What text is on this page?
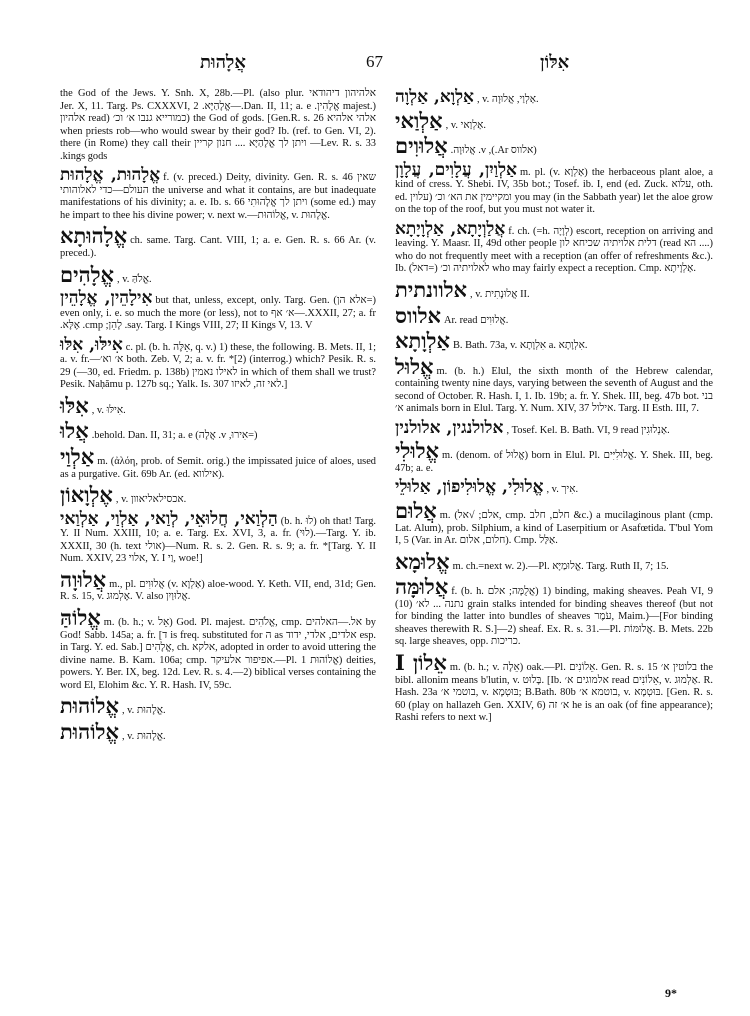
אֲלָהוּת	67	אִלּוֹן
אלהיהון דיהודאי the God of the Jews. Y. Snh. X, 28b.—Pl. (also plur. majest.) אֱלָהִין. Dan. II, 11; a. e.—אֱלָהַיָּא. Jer. X, 11. Targ. Ps. CXXXVI, 2 אלהי אלהיא the God of gods. [Gen.R. s. 26 (כמורייא גנבו א׳ וכ׳ (read אלהיון when priests rob—who would swear by their god? Ib. (ref. to Gen. VI, 2).—Lev. R. s. 33 ויתן לך אֱלָהַיָּא .... חנון קריין there (in Rome) they call their kings gods.
אֱלָהוּת, אֱלָהוּת f. (v. preced.) Deity, divinity. Gen. R. s. 46 שאין העולם—כדי לאלוהותי the universe and what it contains, are but inadequate manifestations of his divinity; a. e. Ib. s. 66 ויתן לך אֱלָהוּתִי (some ed.) may he impart to thee his divine power; v. next w.—אֱלוֹהוּת, v. אֱלָהוּת.
אֱלָהוּתָא ch. same. Targ. Cant. VIII, 1; a. e. Gen. R. s. 66 Ar. (v. preced.).
אֱלָהִים , v. אֱלֹהַּ.
אִילָהֵין, אֱלָהֵין (=אלא הן) but that, unless, except, only. Targ. Gen. XXXII, 27; a. fr.—א׳ אף even only, i. e. so much the more (or less), not to say. Targ. I Kings VIII, 27; II Kings V, 13. V. לָהֵן; cmp. אֶלָּא.
אִילּוּ, אִלּוּ c. pl. (b. h. אֵלֶּה, q. v.) 1) these, the following. B. Mets. II, 1; a. v. fr.—א׳ וא׳ both. Zeb. V, 2; a. v. fr. *[2) (interrog.) which? Pesik. R. s. 29 (—30, ed. Friedm. p. 138b) לאילו נאמין in which of them shall we trust? Pesik. Naḥămu p. 127b sq.; Yalk. Is. 307 לאי זה, לאיזו.]
אִלּוּ , v. אִילּוּ.
אֲלוּ (=אִירוּ, v. אֲלָה) behold. Dan. II, 31; a. e.
אַלְוַי m. (ἀλόη, prob. of Semit. orig.) the impissated juice of aloes, used as a purgative. Git. 69b Ar. (ed. אילווא).
אֶלְוָאוֹן , v. אכסילאליאוון.
הַלְוַאי, חֲלוּאֵי, לְוַאי, אַלְוַי, אַלְוַאי (b. h. לוּ) oh that! Targ. Y. II Num. XXIII, 10; a. e. Targ. Ex. XVI, 3, a. fr. (לוּי).—Targ. Y. ib. XXXII, 30 (h. text אולי)—Num. R. s. 2. Gen. R. s. 9; a. fr. *[Targ. Y. II Num. XXIV, 23 אלוי, Y. I וַי, woe!]
אֲלוּוָה m., pl. אֲלוּוִים (v. אַלְוָא) aloe-wood. Y. Keth. VII, end, 31d; Gen. R. s. 15, v. אֶלְמוּג. V. also אֲלוּוַיִן.
אֱלוֹהַּ m. (b. h.; v. אֵל) God. Pl. majest. אֱלֹהִים, cmp. אל.—האלהים by God! Sabb. 145a; a. fr. [ד is freq. substituted for ה as אלדים, אלדי, ידוד esp. in Targ. Y. ed. Sab.] אֱלָהִים, ch. אלקא, adopted in order to avoid uttering the divine name. B. Kam. 106a; cmp. אפיפור אלעיקר.—Pl. אֱלוֹהוּת 1) deities, powers. Y. Ber. IX, beg. 12d. Lev. R. s. 4.—2) biblical verses containing the word El, Elohim &c. Y. R. Hash. IV, 59c.
אֱלוֹהוּת , v. אֱלָהוּת.
אֱלוֹהוּת , v. אֱלָהוּת.
אַלְוָא, אַלְוָה , v. אַלְוַי, אֲלוּוָה.
אַלְוַאי , v. אַלְוַאי.
אֲלוּוִים (אלווס Ar.), v. אֲלוּוָה.
אַלְוַיִן, עֲלָוִים, עֲלָוָן m. pl. (v. אַלְוָא) the herbaceous plant aloe, a kind of cress. Y. Shebi. IV, 35b bot.; Tosef. ib. I, end (ed. Zuck. עלוא, oth. ed. עלוין) ומקיימין את הא׳ וכ׳ you may (in the Sabbath year) let the aloe grow on the top of the roof, but you must not water it.
אֲלַוְיָתָא, אַלְוָיָתָא f. ch. (=h. לְוָיָה) escort, reception on arriving and leaving. Y. Maasr. II, 49d other people דלית אלויתיה שכיחא לון (read הא ....) who do not frequently meet with a reception (an offer of refreshments &c.). Ib. (דאל=) לאלויתיה וכ׳ who may fairly expect a reception. Cmp. אַלְוָיתָא.
אלוונתית , v. אֲלוּנָתִית II.
אלווס Ar. read אֲלוּוִים.
אַלְוָתָא B. Bath. 73a, v. אִלְוָתָא a. אִלְוָתָא.
אֱלוּל m. (b. h.) Elul, the sixth month of the Hebrew calendar, containing twenty nine days, varying between the seventh of August and the second of October. R. Hash. I, 1. Ib. 19b; a. fr. Y. Shek. III, beg. 47b bot. בני א׳ animals born in Elul. Targ. Y. Num. XIV, 37 אילול. Targ. II Esth. III, 7.
אלולנגין, אלולנין , Tosef. Kel. B. Bath. VI, 9 read אַנְלוּגִין.
אֱלוּלִי m. (denom. of אֱלוּל) born in Elul. Pl. אֱלוּלִיִּים. Y. Shek. III, beg. 47b; a. e.
אֱלוּלִי, אֱלוּלִיפוֹן, אַלוּלֵי , v. אִירְ.
אֲלוּם m. (אלם; √אל, cmp. חלם, חלב &c.) a mucilaginous plant (cmp. Lat. Alum), prob. Silphium, a kind of Laserpitium or Asafœtida. T'bul Yom I, 5 (Var. in Ar. חלום, אלום). Cmp. אַלַּל.
אֱלוּמָא m. ch.=next w. 2).—Pl. אֱלוּמַיָּא. Targ. Ruth II, 7; 15.
אֲלוּמָּה f. (b. h. אֲלֻמָּה; אלם) 1) binding, making sheaves. Peah VI, 9 (10) נתנה ... לא׳ grain stalks intended for binding sheaves thereof (but not for binding the latter into bundles of sheaves עֹמֶר, Maim.)—[For binding sheaves therewith R. S.]—2) sheaf. Ex. R. s. 31.—Pl. אֲלוּמּוֹת. B. Mets. 22b sq. large sheaves, opp. כריכות.
אֵלוֹן I m. (b. h.; v. אֵלָה) oak.—Pl. אֵלוֹנִים. Gen. R. s. 15 בלוטין א׳ the bibl. allonim means b'lutin, v. בָּלוּט. [Ib. אלמוגים א׳ read אֵלוֹנִים, v. אַלְמוּג. R. Hash. 23a בוטמי א׳, v. בּוּטְמָא; B.Bath. 80b בוטמא א׳, v. בּוּטְמָא. [Gen. R. s. 60 (play on hallazeh Gen. XXIV, 6) א׳ זה he is an oak (of fine appearance); Rashi refers to next w.]
9*
